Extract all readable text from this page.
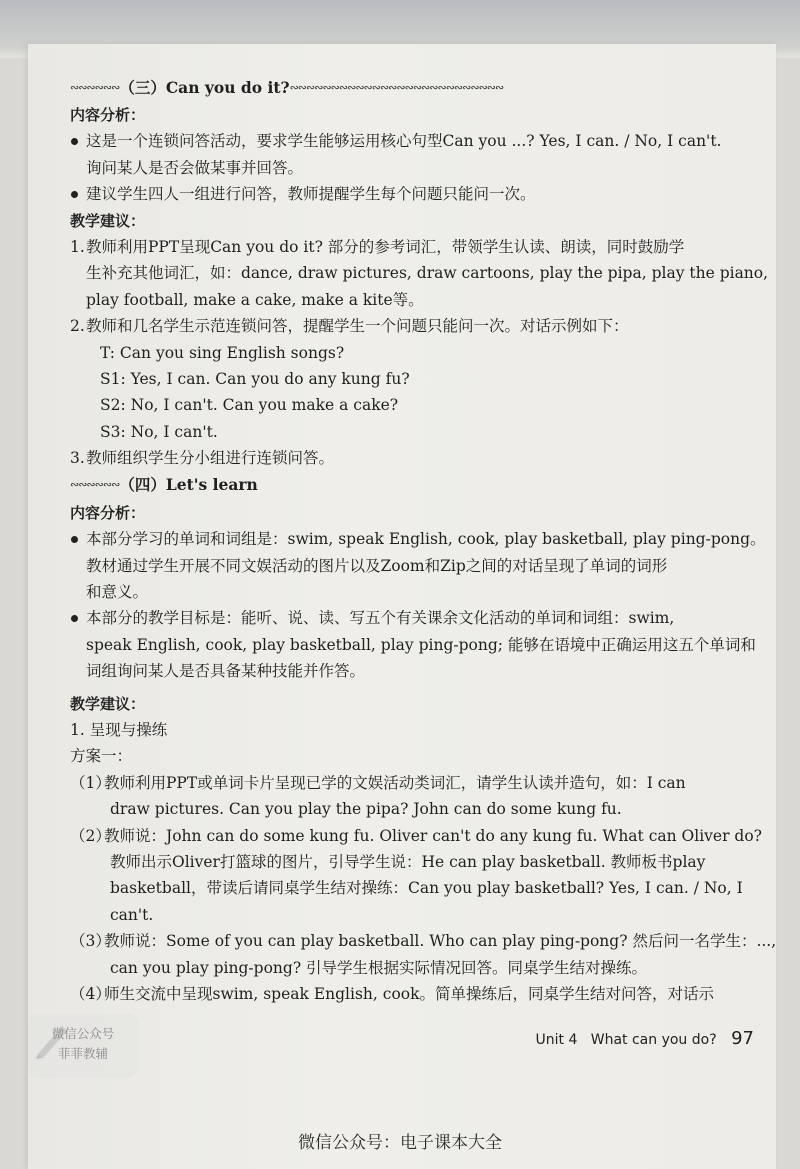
∾∾∾∾∾∾ （三）Can you do it? ∾∾∾∾∾∾∾∾∾∾∾∾∾∾∾∾∾∾∾∾∾∾∾∾∾∾
内容分析：
这是一个连锁问答活动，要求学生能够运用核心句型Can you ...? Yes, I can. / No, I can't.
询问某人是否会做某事并回答。
建议学生四人一组进行问答，教师提醒学生每个问题只能问一次。
教学建议：
1.教师利用PPT呈现Can you do it? 部分的参考词汇，带领学生认读、朗读，同时鼓励学
生补充其他词汇，如：dance, draw pictures, draw cartoons, play the pipa, play the piano,
play football, make a cake, make a kite等。
2.教师和几名学生示范连锁问答，提醒学生一个问题只能问一次。对话示例如下：
T: Can you sing English songs?
S1: Yes, I can. Can you do any kung fu?
S2: No, I can't. Can you make a cake?
S3: No, I can't.
3.教师组织学生分小组进行连锁问答。
∾∾∾∾∾∾ （四）Let's learn
内容分析：
本部分学习的单词和词组是：swim, speak English, cook, play basketball, play ping-pong。
教材通过学生开展不同文娱活动的图片以及Zoom和Zip之间的对话呈现了单词的词形
和意义。
本部分的教学目标是：能听、说、读、写五个有关课余文化活动的单词和词组：swim,
speak English, cook, play basketball, play ping-pong; 能够在语境中正确运用这五个单词和
词组询问某人是否具备某种技能并作答。
教学建议：
1. 呈现与操练
方案一：
（1）教师利用PPT或单词卡片呈现已学的文娱活动类词汇，请学生认读并造句，如：I can
draw pictures. Can you play the pipa? John can do some kung fu.
（2）教师说：John can do some kung fu. Oliver can't do any kung fu. What can Oliver do?
教师出示Oliver打篮球的图片，引导学生说：He can play basketball. 教师板书play
basketball，带读后请同桌学生结对操练：Can you play basketball? Yes, I can. / No, I
can't.
（3）教师说：Some of you can play basketball. Who can play ping-pong? 然后问一名学生：...,
can you play ping-pong? 引导学生根据实际情况回答。同桌学生结对操练。
（4）师生交流中呈现swim, speak English, cook。简单操练后，同桌学生结对问答，对话示
微信公众号
菲菲教辅
Unit 4 What can you do? 97
微信公众号：电子课本大全
